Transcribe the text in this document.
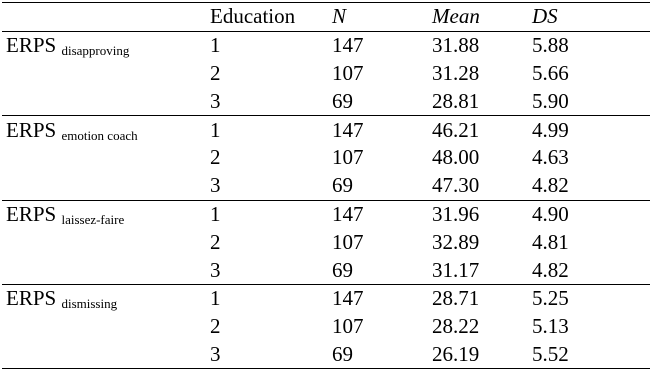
	Education	N	Mean	DS
ERPS disapproving	1	147	31.88	5.88
	2	107	31.28	5.66
	3	69	28.81	5.90
ERPS emotion coach	1	147	46.21	4.99
	2	107	48.00	4.63
	3	69	47.30	4.82
ERPS laissez-faire	1	147	31.96	4.90
	2	107	32.89	4.81
	3	69	31.17	4.82
ERPS dismissing	1	147	28.71	5.25
	2	107	28.22	5.13
	3	69	26.19	5.52
